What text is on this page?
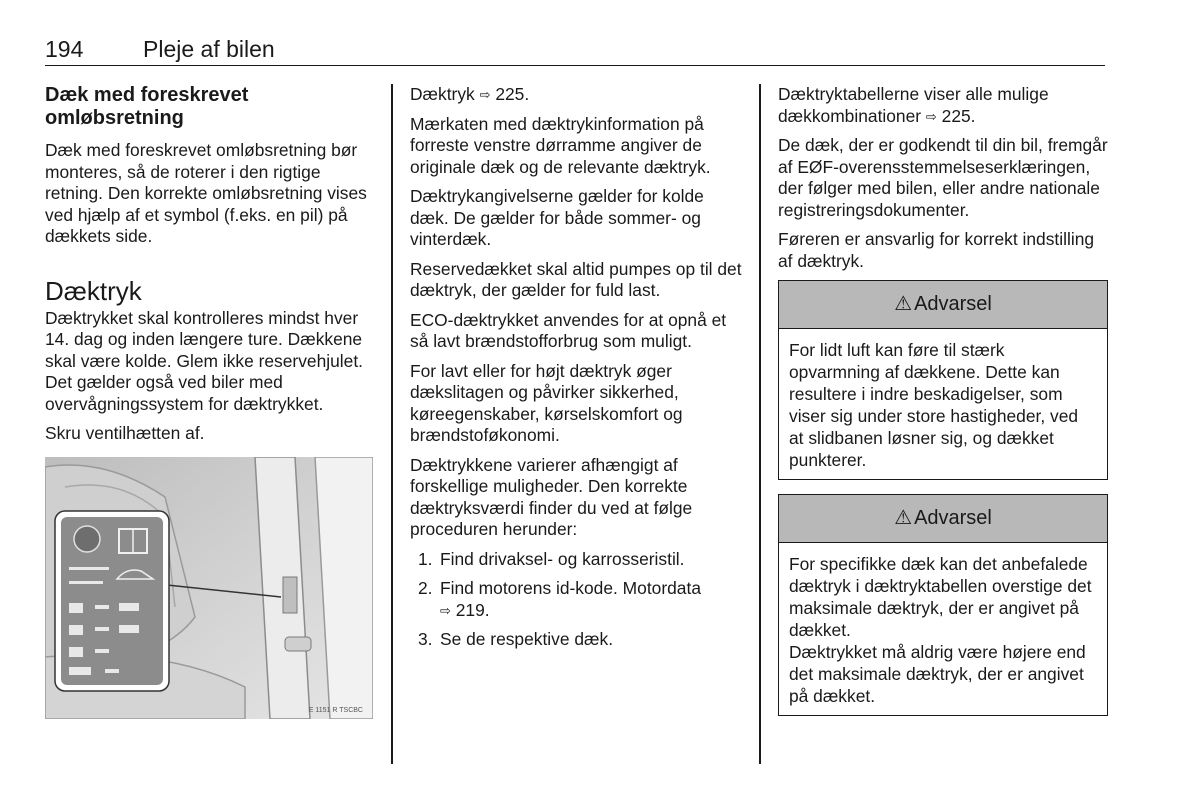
194	Pleje af bilen
Dæk med foreskrevet omløbsretning

Dæk med foreskrevet omløbsretning bør monteres, så de roterer i den rigtige retning. Den korrekte omløbsretning vises ved hjælp af et symbol (f.eks. en pil) på dækkets side.

Dæktryk

Dæktrykket skal kontrolleres mindst hver 14. dag og inden længere ture. Dækkene skal være kolde. Glem ikke reservehjulet. Det gælder også ved biler med overvågningssystem for dæktrykket.

Skru ventilhætten af.

E 1151 R TSCBC

Dæktryk ⇨ 225.

Mærkaten med dæktrykinformation på forreste venstre dørramme angiver de originale dæk og de relevante dæktryk.

Dæktrykangivelserne gælder for kolde dæk. De gælder for både sommer- og vinterdæk.

Reservedækket skal altid pumpes op til det dæktryk, der gælder for fuld last.

ECO-dæktrykket anvendes for at opnå et så lavt brændstofforbrug som muligt.

For lavt eller for højt dæktryk øger dækslitagen og påvirker sikkerhed, køreegenskaber, kørselskomfort og brændstoføkonomi.

Dæktrykkene varierer afhængigt af forskellige muligheder. Den korrekte dæktryksværdi finder du ved at følge proceduren herunder:

1. Find drivaksel- og karrosseristil.
2. Find motorens id-kode. Motordata
⇨ 219.
3. Se de respektive dæk.

Dæktryktabellerne viser alle mulige dækkombinationer ⇨ 225.

De dæk, der er godkendt til din bil, fremgår af EØF-overensstemmelseserklæringen, der følger med bilen, eller andre nationale registreringsdokumenter.

Føreren er ansvarlig for korrekt indstilling af dæktryk.

⚠ Advarsel

For lidt luft kan føre til stærk opvarmning af dækkene. Dette kan resultere i indre beskadigelser, som viser sig under store hastigheder, ved at slidbanen løsner sig, og dækket punkterer.

⚠ Advarsel

For specifikke dæk kan det anbefalede dæktryk i dæktryktabellen overstige det maksimale dæktryk, der er angivet på dækket.

Dæktrykket må aldrig være højere end det maksimale dæktryk, der er angivet på dækket.
